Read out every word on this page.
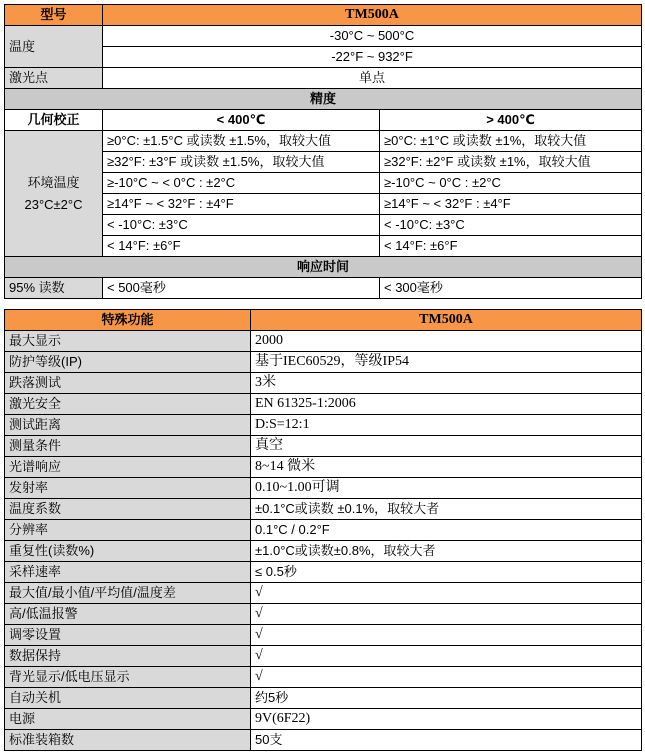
型号	TM500A	
温度	-30°C ~ 500°C	
	-22°F ~ 932°F	
激光点	单点	
精度		
几何校正	< 400℃	> 400℃

环境温度
23°C±2°C	≥0°C: ±1.5°C 或读数 ±1.5%，取较大值	≥0°C: ±1°C 或读数 ±1%，取较大值
	≥32°F: ±3°F 或读数 ±1.5%，取较大值	≥32°F: ±2°F 或读数 ±1%，取较大值
	≥-10°C ~ < 0°C : ±2°C	≥-10°C ~ 0°C : ±2°C
	≥14°F ~ < 32°F : ±4°F	≥14°F ~ < 32°F : ±4°F
	< -10°C: ±3°C	< -10°C: ±3°C
	< 14°F: ±6°F	< 14°F: ±6°F
响应时间		
95% 读数	< 500毫秒	< 300毫秒
特殊功能	TM500A
最大显示	2000
防护等级(IP)	基于IEC60529，等级IP54
跌落测试	3米
激光安全	EN 61325-1:2006
测试距离	D:S=12:1
测量条件	真空
光谱响应	8~14 微米
发射率	0.10~1.00可调
温度系数	±0.1°C或读数 ±0.1%，取较大者
分辨率	0.1°C / 0.2°F
重复性(读数%)	±1.0°C或读数±0.8%，取较大者
采样速率	≤ 0.5秒
最大值/最小值/平均值/温度差	√
高/低温报警	√
调零设置	√
数据保持	√
背光显示/低电压显示	√
自动关机	约5秒
电源	9V(6F22)
标准装箱数	50支
